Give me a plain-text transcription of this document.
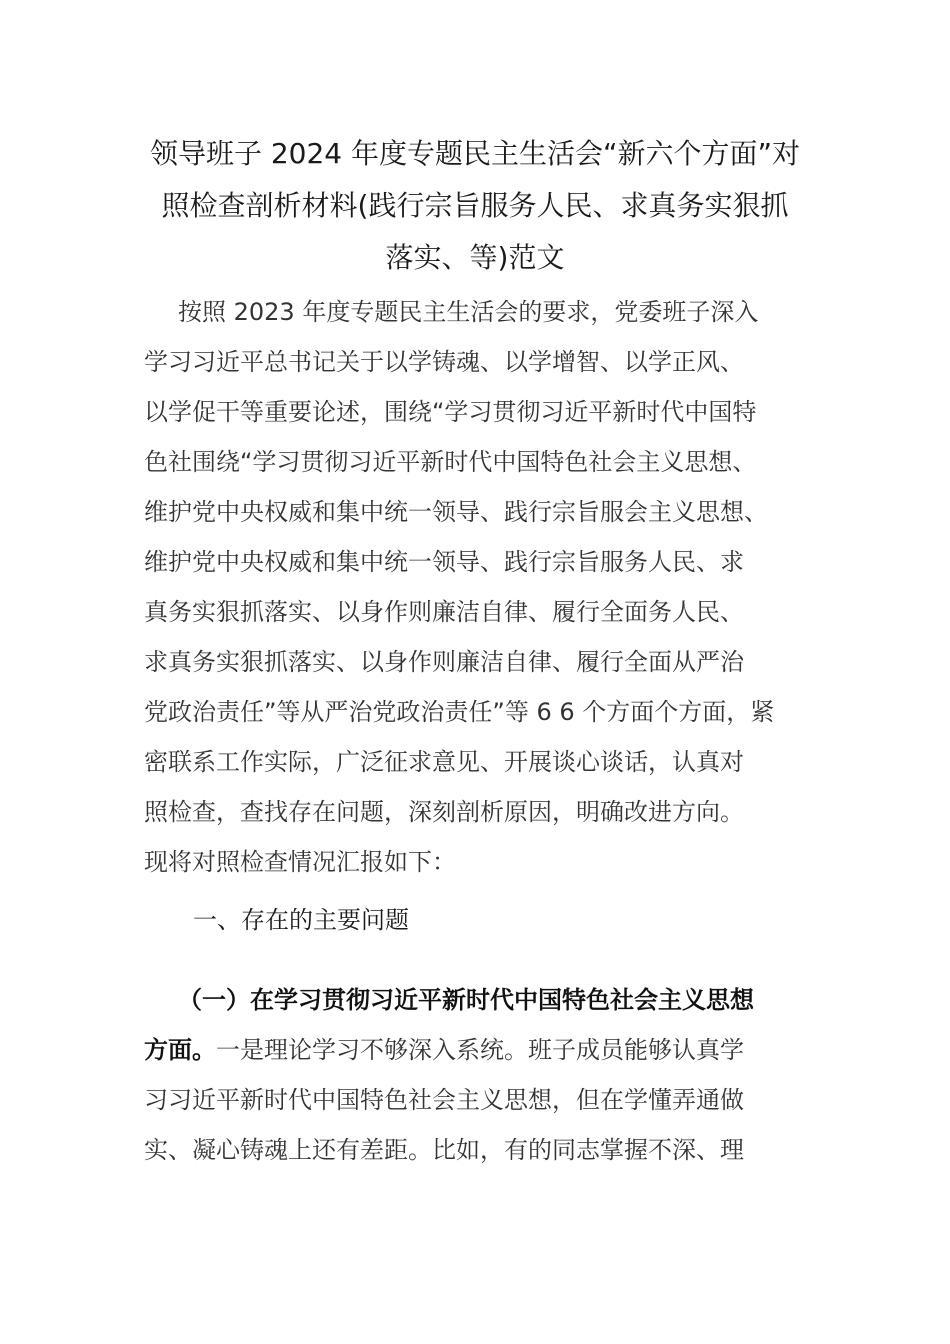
领导班子 2024 年度专题民主生活会“新六个方面”对
照检查剖析材料(践行宗旨服务人民、求真务实狠抓
落实、等)范文
按照 2023 年度专题民主生活会的要求，党委班子深入
学习习近平总书记关于以学铸魂、以学增智、以学正风、
以学促干等重要论述，围绕“学习贯彻习近平新时代中国特
色社围绕“学习贯彻习近平新时代中国特色社会主义思想、
维护党中央权威和集中统一领导、践行宗旨服会主义思想、
维护党中央权威和集中统一领导、践行宗旨服务人民、求
真务实狠抓落实、以身作则廉洁自律、履行全面务人民、
求真务实狠抓落实、以身作则廉洁自律、履行全面从严治
党政治责任”等从严治党政治责任”等 6 6 个方面个方面，紧
密联系工作实际，广泛征求意见、开展谈心谈话，认真对
照检查，查找存在问题，深刻剖析原因，明确改进方向。
现将对照检查情况汇报如下：
一、存在的主要问题
（一）在学习贯彻习近平新时代中国特色社会主义思想
方面。一是理论学习不够深入系统。班子成员能够认真学
习习近平新时代中国特色社会主义思想，但在学懂弄通做
实、凝心铸魂上还有差距。比如，有的同志掌握不深、理
